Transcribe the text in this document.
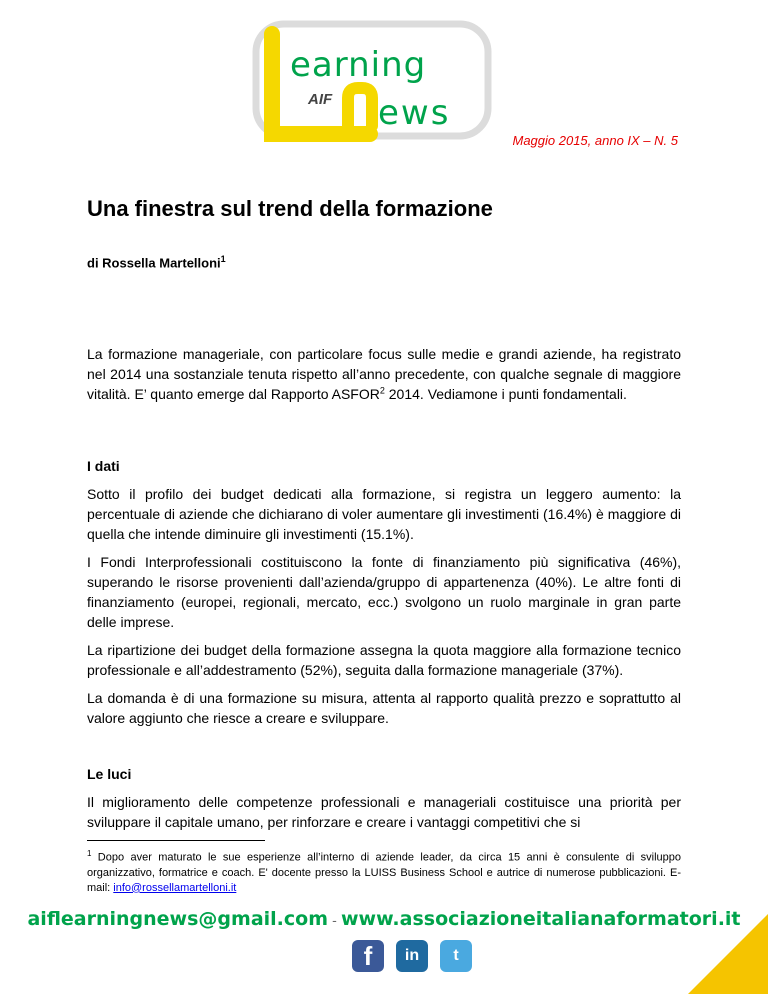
earning
ews
AIF
Maggio 2015, anno IX – N. 5
Una finestra sul trend della formazione
di Rossella Martelloni$^1$

La formazione manageriale, con particolare focus sulle medie e grandi aziende, ha registrato nel 2014 una sostanziale tenuta rispetto all’anno precedente, con qualche segnale di maggiore vitalità. E’ quanto emerge dal Rapporto ASFOR$^2$ 2014. Vediamone i punti fondamentali.

I dati

Sotto il profilo dei budget dedicati alla formazione, si registra un leggero aumento: la percentuale di aziende che dichiarano di voler aumentare gli investimenti (16.4%) è maggiore di quella che intende diminuire gli investimenti (15.1%).

I Fondi Interprofessionali costituiscono la fonte di finanziamento più significativa (46%), superando le risorse provenienti dall’azienda/gruppo di appartenenza (40%). Le altre fonti di finanziamento (europei, regionali, mercato, ecc.) svolgono un ruolo marginale in gran parte delle imprese.

La ripartizione dei budget della formazione assegna la quota maggiore alla formazione tecnico professionale e all’addestramento (52%), seguita dalla formazione manageriale (37%).

La domanda è di una formazione su misura, attenta al rapporto qualità prezzo e soprattutto al valore aggiunto che riesce a creare e sviluppare.

Le luci

Il miglioramento delle competenze professionali e manageriali costituisce una priorità per sviluppare il capitale umano, per rinforzare e creare i vantaggi competitivi che si

$^1$ Dopo aver maturato le sue esperienze all’interno di aziende leader, da circa 15 anni è consulente di sviluppo organizzativo, formatrice e coach. E' docente presso la LUISS Business School e autrice di numerose pubblicazioni. E-mail: info@rossellamartelloni.it
aiflearningnews@gmail.com - www.associazioneitalianaformatori.it
f in t
